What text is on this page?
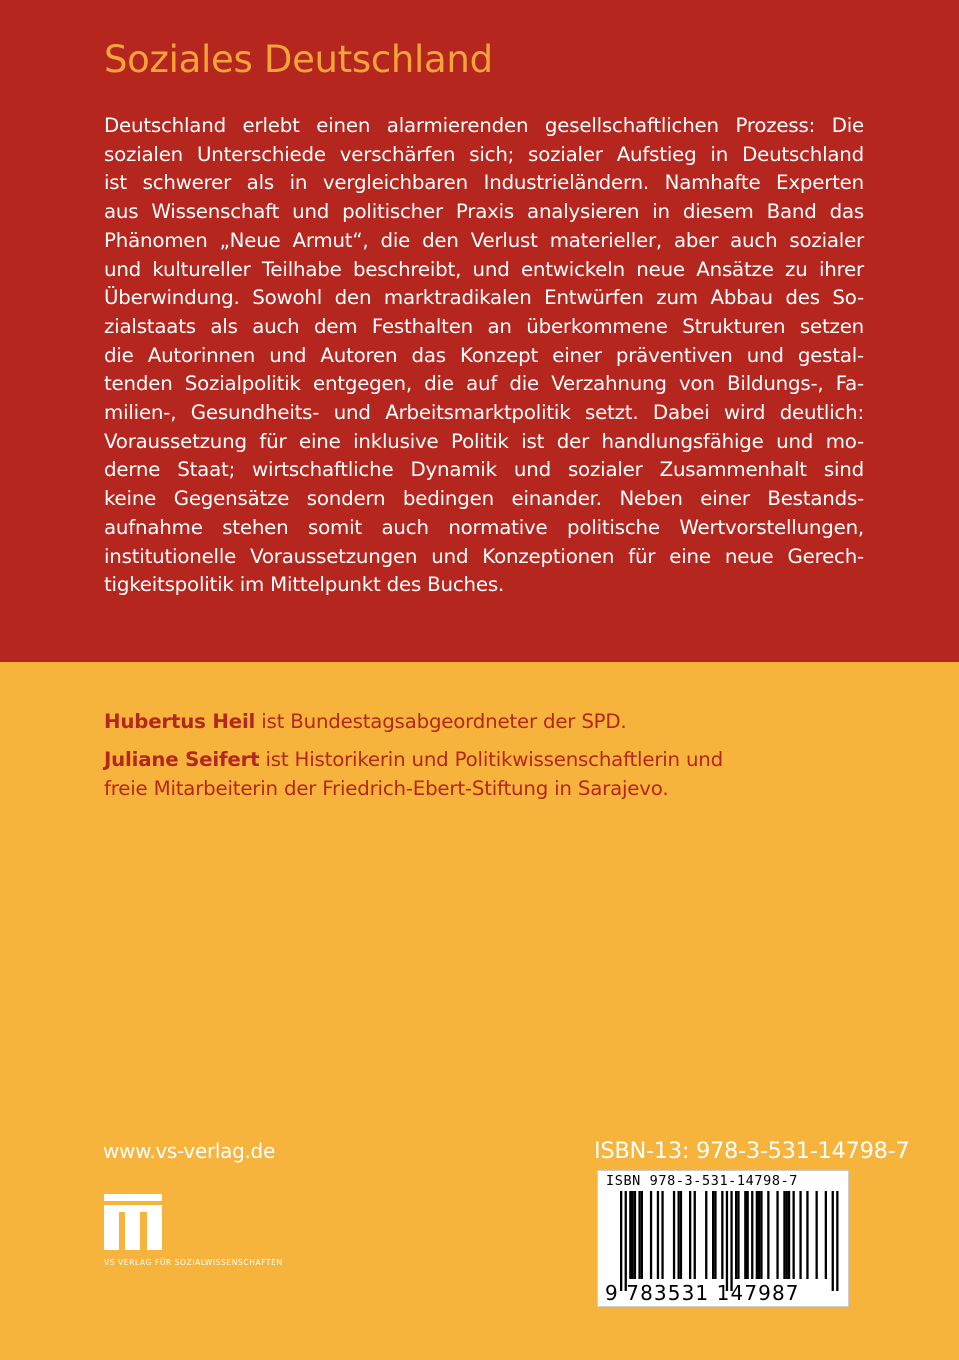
Soziales Deutschland
Deutschland erlebt einen alarmierenden gesellschaftlichen Prozess: Die
sozialen Unterschiede verschärfen sich; sozialer Aufstieg in Deutschland
ist schwerer als in vergleichbaren Industrieländern. Namhafte Experten
aus Wissenschaft und politischer Praxis analysieren in diesem Band das
Phänomen „Neue Armut“, die den Verlust materieller, aber auch sozialer
und kultureller Teilhabe beschreibt, und entwickeln neue Ansätze zu ihrer
Überwindung. Sowohl den marktradikalen Entwürfen zum Abbau des So-
zialstaats als auch dem Festhalten an überkommene Strukturen setzen
die Autorinnen und Autoren das Konzept einer präventiven und gestal-
tenden Sozialpolitik entgegen, die auf die Verzahnung von Bildungs-, Fa-
milien-, Gesundheits- und Arbeitsmarktpolitik setzt. Dabei wird deutlich:
Voraussetzung für eine inklusive Politik ist der handlungsfähige und mo-
derne Staat; wirtschaftliche Dynamik und sozialer Zusammenhalt sind
keine Gegensätze sondern bedingen einander. Neben einer Bestands-
aufnahme stehen somit auch normative politische Wertvorstellungen,
institutionelle Voraussetzungen und Konzeptionen für eine neue Gerech-
tigkeitspolitik im Mittelpunkt des Buches.
Hubertus Heil ist Bundestagsabgeordneter der SPD.
Juliane Seifert ist Historikerin und Politikwissenschaftlerin und
freie Mitarbeiterin der Friedrich-Ebert-Stiftung in Sarajevo.
www.vs-verlag.de
VS VERLAG FÜR SOZIALWISSENSCHAFTEN
ISBN-13: 978-3-531-14798-7
ISBN 978-3-531-14798-7
9 783531 147987
